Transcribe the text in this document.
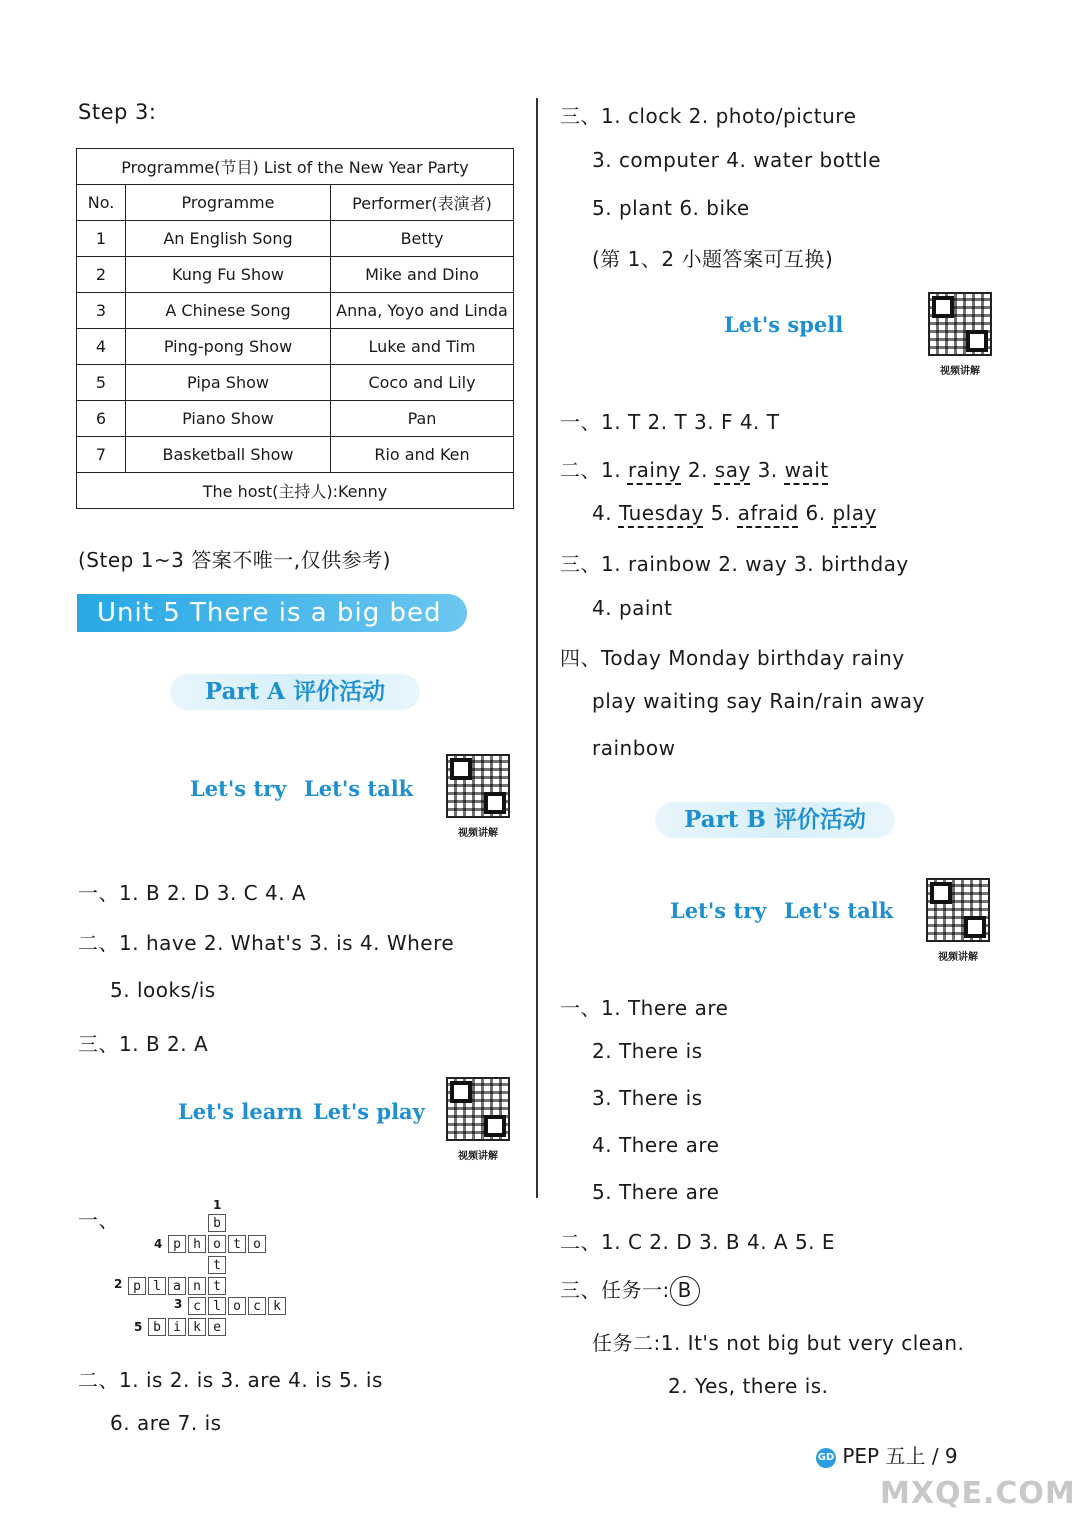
Step 3:
Programme(节目) List of the New Year Party		
No.	Programme	Performer(表演者)
1	An English Song	Betty
2	Kung Fu Show	Mike and Dino
3	A Chinese Song	Anna, Yoyo and Linda
4	Ping-pong Show	Luke and Tim
5	Pipa Show	Coco and Lily
6	Piano Show	Pan
7	Basketball Show	Rio and Ken
The host(主持人):Kenny		
(Step 1~3 答案不唯一,仅供参考)
Unit 5 There is a big bed
Part A 评价活动
Let's try Let's talk
视频讲解
一、1. B 2. D 3. C 4. A
二、1. have 2. What's 3. is 4. Where
5. looks/is
三、1. B 2. A
Let's learn Let's play
视频讲解
一、
1
4
2
3
5
b
p h o t o
t
p l a n t
c l o c k
b i k e
二、1. is 2. is 3. are 4. is 5. is
6. are 7. is
三、1. clock 2. photo/picture
3. computer 4. water bottle
5. plant 6. bike
(第 1、2 小题答案可互换)
Let's spell
视频讲解
一、1. T 2. T 3. F 4. T
二、1. rainy 2. say 3. wait
4. Tuesday 5. afraid 6. play
三、1. rainbow 2. way 3. birthday
4. paint
四、Today Monday birthday rainy
play waiting say Rain/rain away
rainbow
Part B 评价活动
Let's try Let's talk
视频讲解
一、1. There are
2. There is
3. There is
4. There are
5. There are
二、1. C 2. D 3. B 4. A 5. E
三、任务一: B
任务二:1. It's not big but very clean.
2. Yes, there is.
GD PEP 五上 / 9
MXQE.COM
